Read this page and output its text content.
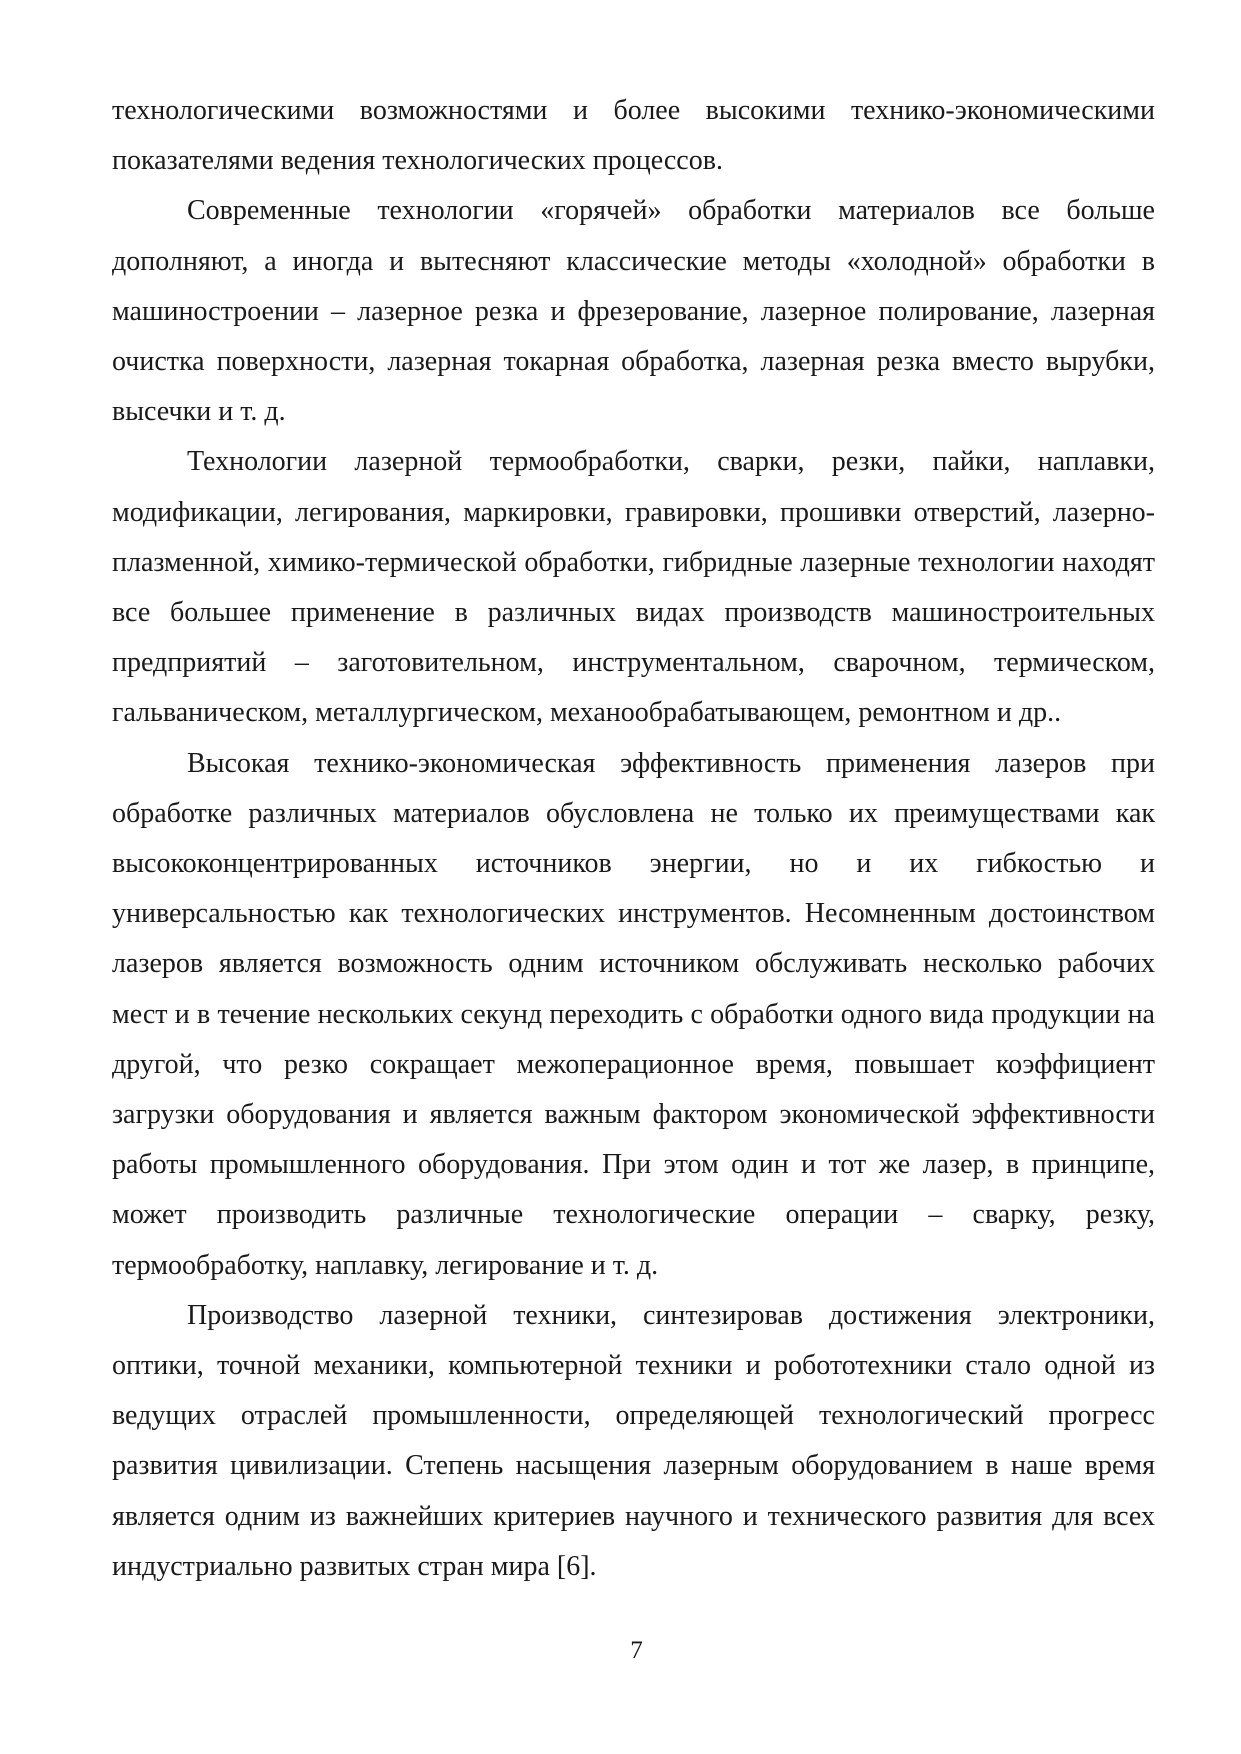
технологическими возможностями и более высокими технико-экономическими показателями ведения технологических процессов.

Современные технологии «горячей» обработки материалов все больше дополняют, а иногда и вытесняют классические методы «холодной» обработки в машиностроении – лазерное резка и фрезерование, лазерное полирование, лазерная очистка поверхности, лазерная токарная обработка, лазерная резка вместо вырубки, высечки и т. д.

Технологии лазерной термообработки, сварки, резки, пайки, наплавки, модификации, легирования, маркировки, гравировки, прошивки отверстий, лазерно-плазменной, химико-термической обработки, гибридные лазерные технологии находят все большее применение в различных видах производств машиностроительных предприятий – заготовительном, инструментальном, сварочном, термическом, гальваническом, металлургическом, механообрабатывающем, ремонтном и др..

Высокая технико-экономическая эффективность применения лазеров при обработке различных материалов обусловлена не только их преимуществами как высококонцентрированных источников энергии, но и их гибкостью и универсальностью как технологических инструментов. Несомненным достоинством лазеров является возможность одним источником обслуживать несколько рабочих мест и в течение нескольких секунд переходить с обработки одного вида продукции на другой, что резко сокращает межоперационное время, повышает коэффициент загрузки оборудования и является важным фактором экономической эффективности работы промышленного оборудования. При этом один и тот же лазер, в принципе, может производить различные технологические операции – сварку, резку, термообработку, наплавку, легирование и т. д.

Производство лазерной техники, синтезировав достижения электроники, оптики, точной механики, компьютерной техники и робототехники стало одной из ведущих отраслей промышленности, определяющей технологический прогресс развития цивилизации. Степень насыщения лазерным оборудованием в наше время является одним из важнейших критериев научного и технического развития для всех индустриально развитых стран мира [6].

7
